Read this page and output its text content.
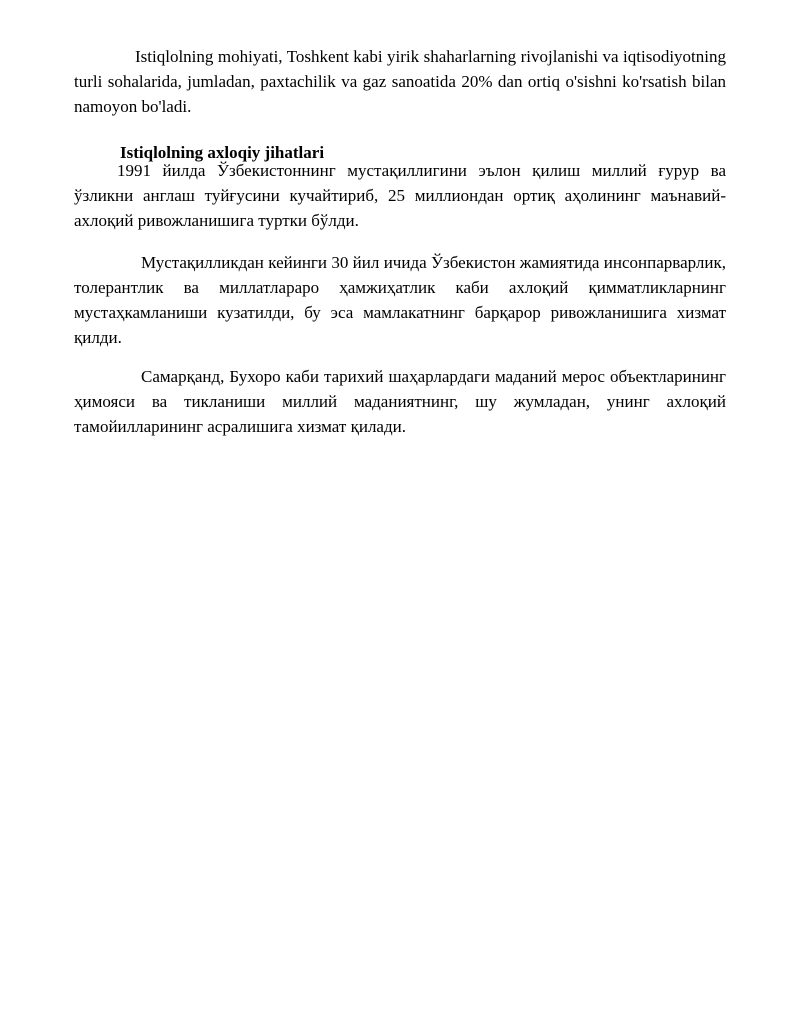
Istiqlolning mohiyati, Toshkent kabi yirik shaharlarning rivojlanishi va iqtisodiyotning turli sohalarida, jumladan, paxtachilik va gaz sanoatida 20% dan ortiq o'sishni ko'rsatish bilan namoyon bo'ladi.

Istiqlolning axloqiy jihatlari

1991 йилда Ўзбекистоннинг мустақиллигини эълон қилиш миллий ғурур ва ўзликни англаш туйғусини кучайтириб, 25 миллиондан ортиқ аҳолининг маънавий-ахлоқий ривожланишига туртки бўлди.

Мустақилликдан кейинги 30 йил ичида Ўзбекистон жамиятида инсонпарварлик, толерантлик ва миллатлараро ҳамжиҳатлик каби ахлоқий қимматликларнинг мустаҳкамланиши кузатилди, бу эса мамлакатнинг барқарор ривожланишига хизмат қилди.

Самарқанд, Бухоро каби тарихий шаҳарлардаги маданий мерос объектларининг ҳимояси ва тикланиши миллий маданиятнинг, шу жумладан, унинг ахлоқий тамойилларининг асралишига хизмат қилади.
